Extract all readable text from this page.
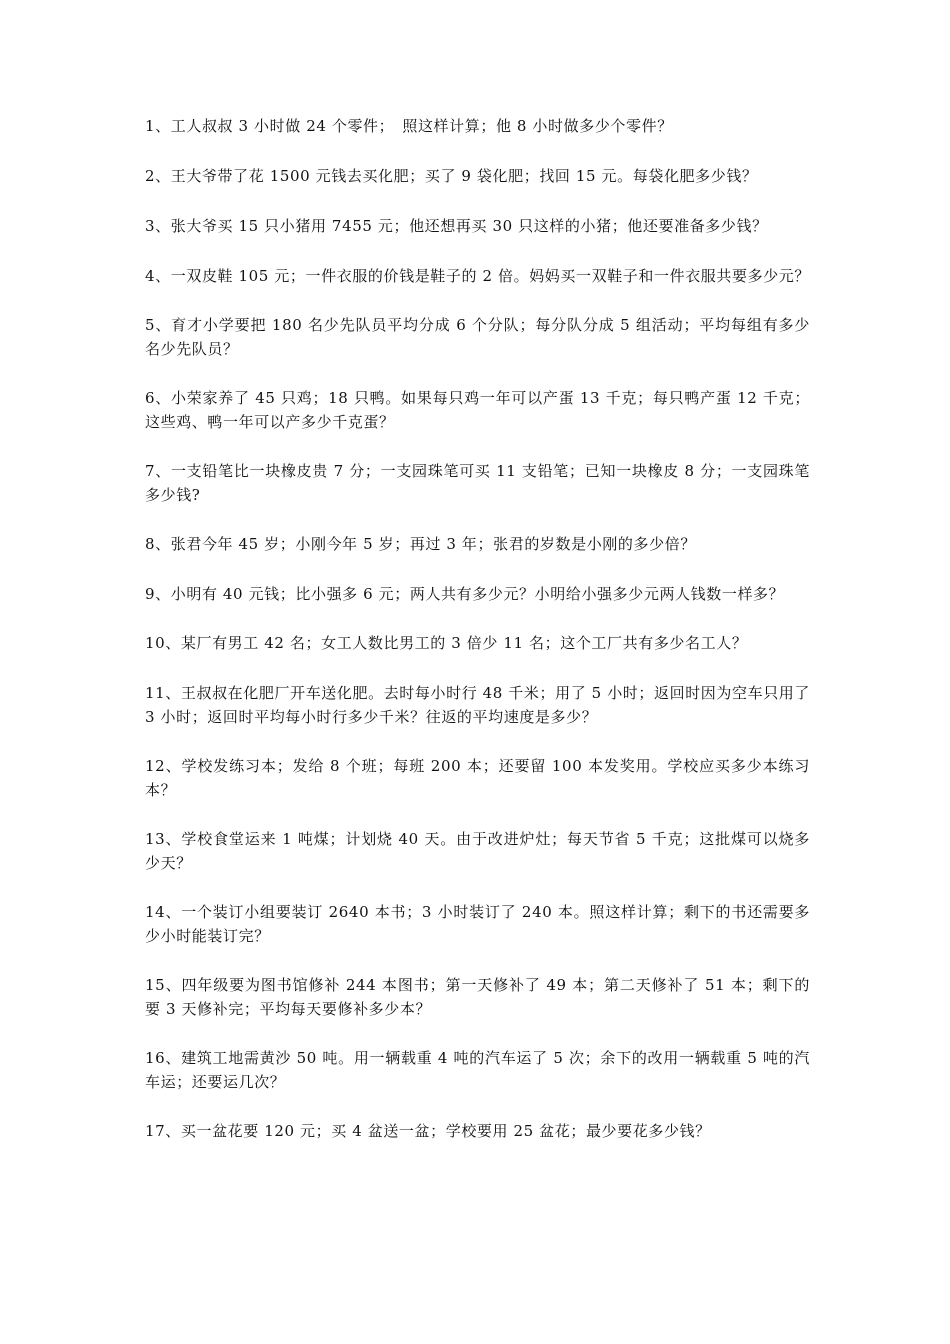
1、工人叔叔 3 小时做 24 个零件；　照这样计算；他 8 小时做多少个零件？
2、王大爷带了花 1500 元钱去买化肥；买了 9 袋化肥；找回 15 元。每袋化肥多少钱？
3、张大爷买 15 只小猪用 7455 元；他还想再买 30 只这样的小猪；他还要准备多少钱？
4、一双皮鞋 105 元；一件衣服的价钱是鞋子的 2 倍。妈妈买一双鞋子和一件衣服共要多少元？
5、育才小学要把 180 名少先队员平均分成 6 个分队；每分队分成 5 组活动；平均每组有多少名少先队员？
6、小荣家养了 45 只鸡；18 只鸭。如果每只鸡一年可以产蛋 13 千克；每只鸭产蛋 12 千克；这些鸡、鸭一年可以产多少千克蛋？
7、一支铅笔比一块橡皮贵 7 分；一支园珠笔可买 11 支铅笔；已知一块橡皮 8 分；一支园珠笔多少钱?
8、张君今年 45 岁；小刚今年 5 岁；再过 3 年；张君的岁数是小刚的多少倍？
9、小明有 40 元钱；比小强多 6 元；两人共有多少元？小明给小强多少元两人钱数一样多？
10、某厂有男工 42 名；女工人数比男工的 3 倍少 11 名；这个工厂共有多少名工人？
11、王叔叔在化肥厂开车送化肥。去时每小时行 48 千米；用了 5 小时；返回时因为空车只用了 3 小时；返回时平均每小时行多少千米？往返的平均速度是多少？
12、学校发练习本；发给 8 个班；每班 200 本；还要留 100 本发奖用。学校应买多少本练习本？
13、学校食堂运来 1 吨煤；计划烧 40 天。由于改进炉灶；每天节省 5 千克；这批煤可以烧多少天？
14、一个装订小组要装订 2640 本书；3 小时装订了 240 本。照这样计算；剩下的书还需要多少小时能装订完？
15、四年级要为图书馆修补 244 本图书；第一天修补了 49 本；第二天修补了 51 本；剩下的要 3 天修补完；平均每天要修补多少本？
16、建筑工地需黄沙 50 吨。用一辆载重 4 吨的汽车运了 5 次；余下的改用一辆载重 5 吨的汽车运；还要运几次？
17、买一盆花要 120 元；买 4 盆送一盆；学校要用 25 盆花；最少要花多少钱？
